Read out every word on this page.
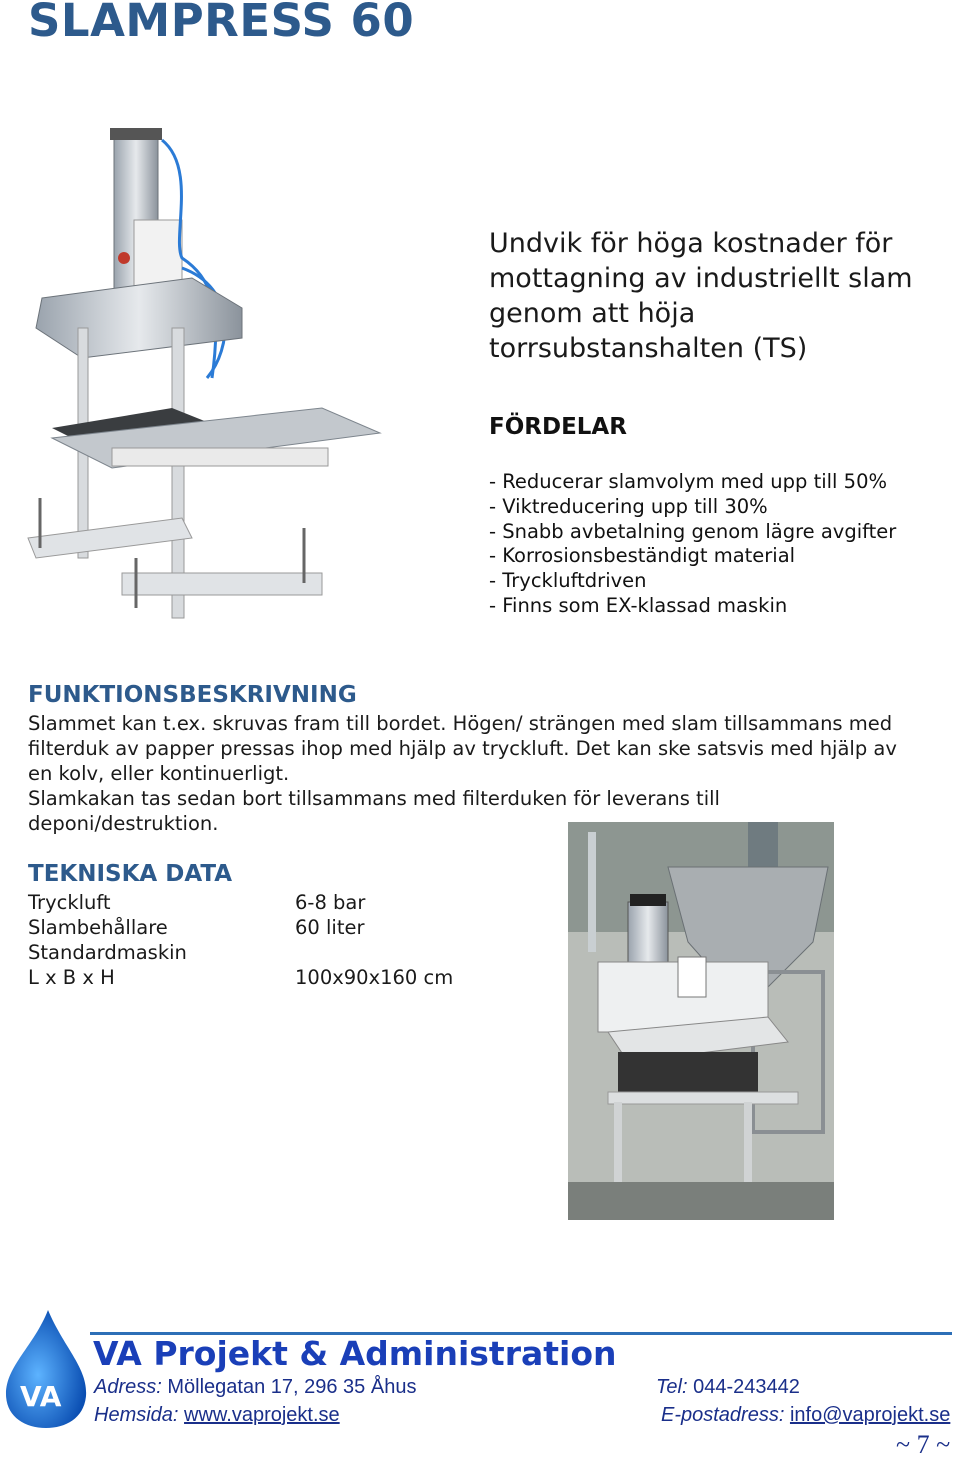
SLAMPRESS 60
Undvik för höga kostnader för
mottagning av industriellt slam
genom att höja
torrsubstanshalten (TS)
FÖRDELAR
- Reducerar slamvolym med upp till 50%
- Viktreducering upp till 30%
- Snabb avbetalning genom lägre avgifter
- Korrosionsbeständigt material
- Tryckluftdriven
- Finns som EX-klassad maskin
FUNKTIONSBESKRIVNING

Slammet kan t.ex. skruvas fram till bordet. Högen/ strängen med slam tillsammans med

filterduk av papper pressas ihop med hjälp av tryckluft. Det kan ske satsvis med hjälp av

en kolv, eller kontinuerligt.

Slamkakan tas sedan bort tillsammans med filterduken för leverans till

deponi/destruktion.

TEKNISKA DATA
Tryckluft	6-8 bar
Slambehållare	60 liter
Standardmaskin
L x B x H	100x90x160 cm
VA
VA Projekt & Administration
Adress: Möllegatan 17, 296 35 Åhus	Tel: 044-243442
Hemsida: www.vaprojekt.se	E-postadress: info@vaprojekt.se
~ 7 ~
